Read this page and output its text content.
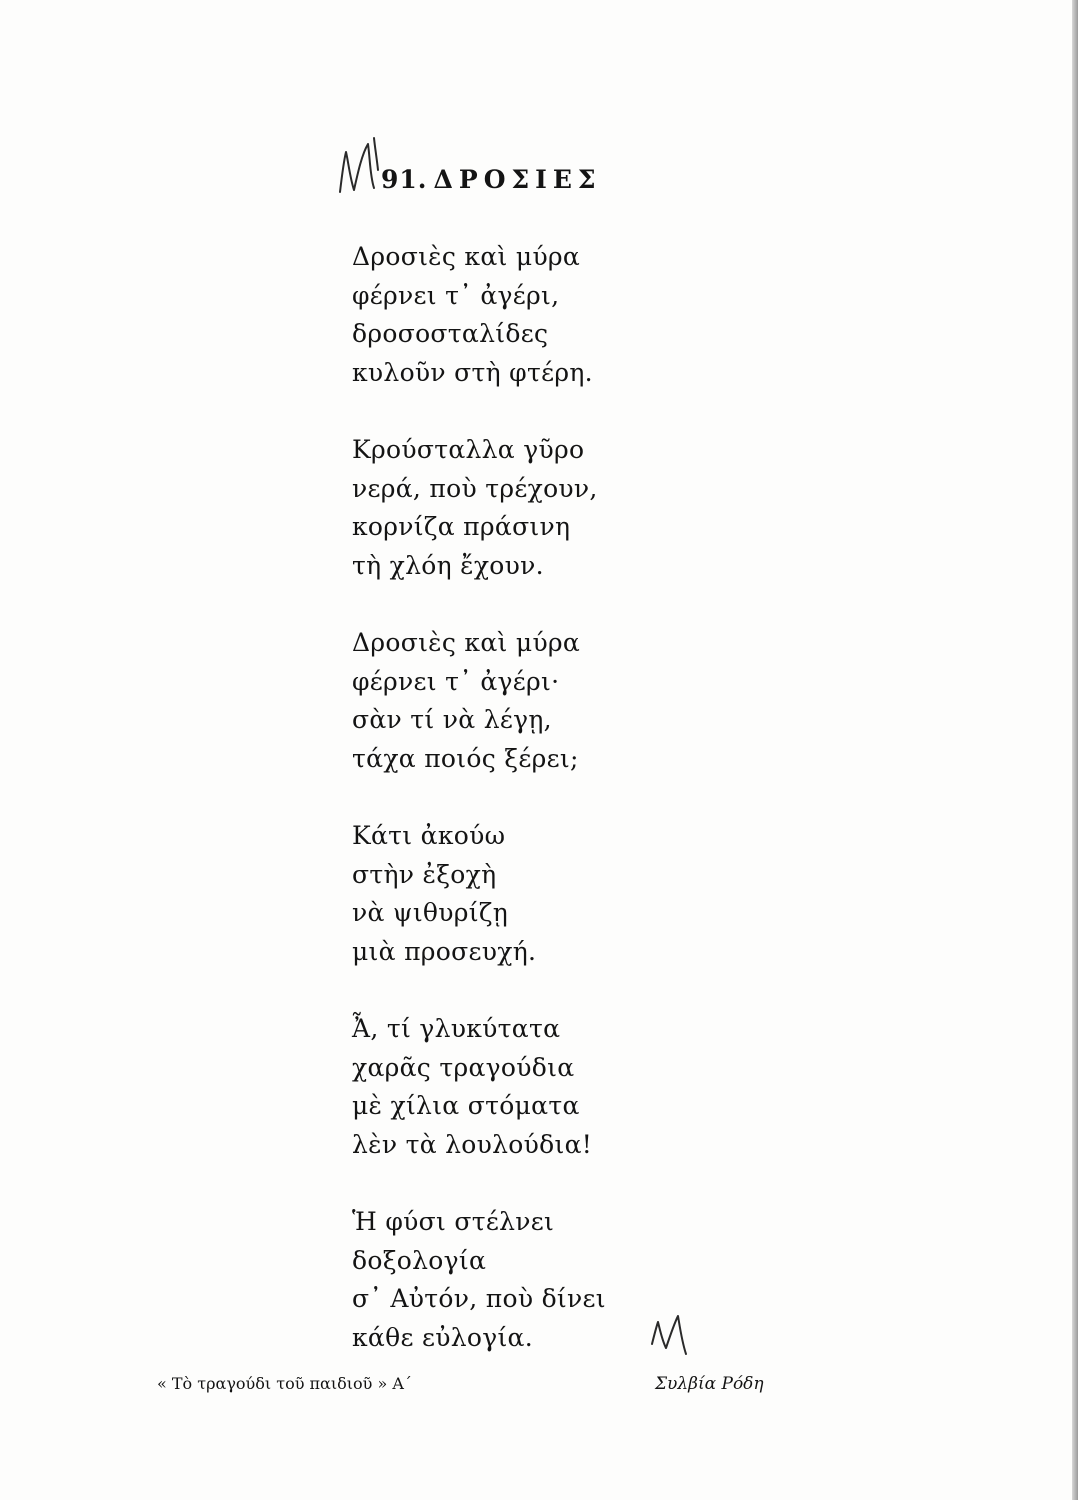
91. ΔΡΟΣΙΕΣ
Δροσιὲς καὶ μύρα
φέρνει τ᾿ ἀγέρι,
δροσοσταλίδες
κυλοῦν στὴ φτέρη.
Κρούσταλλα γῦρο
νερά, ποὺ τρέχουν,
κορνίζα πράσινη
τὴ χλόη ἔχουν.
Δροσιὲς καὶ μύρα
φέρνει τ᾿ ἀγέρι·
σὰν τί νὰ λέγῃ,
τάχα ποιός ξέρει;
Κάτι ἀκούω
στὴν ἐξοχὴ
νὰ ψιθυρίζῃ
μιὰ προσευχή.
Ἆ, τί γλυκύτατα
χαρᾶς τραγούδια
μὲ χίλια στόματα
λὲν τὰ λουλούδια!
Ἡ φύσι στέλνει
δοξολογία
σ᾿ Αὐτόν, ποὺ δίνει
κάθε εὐλογία.
« Τὸ τραγούδι τοῦ παιδιοῦ » Α΄	Συλβία Ρόδη
